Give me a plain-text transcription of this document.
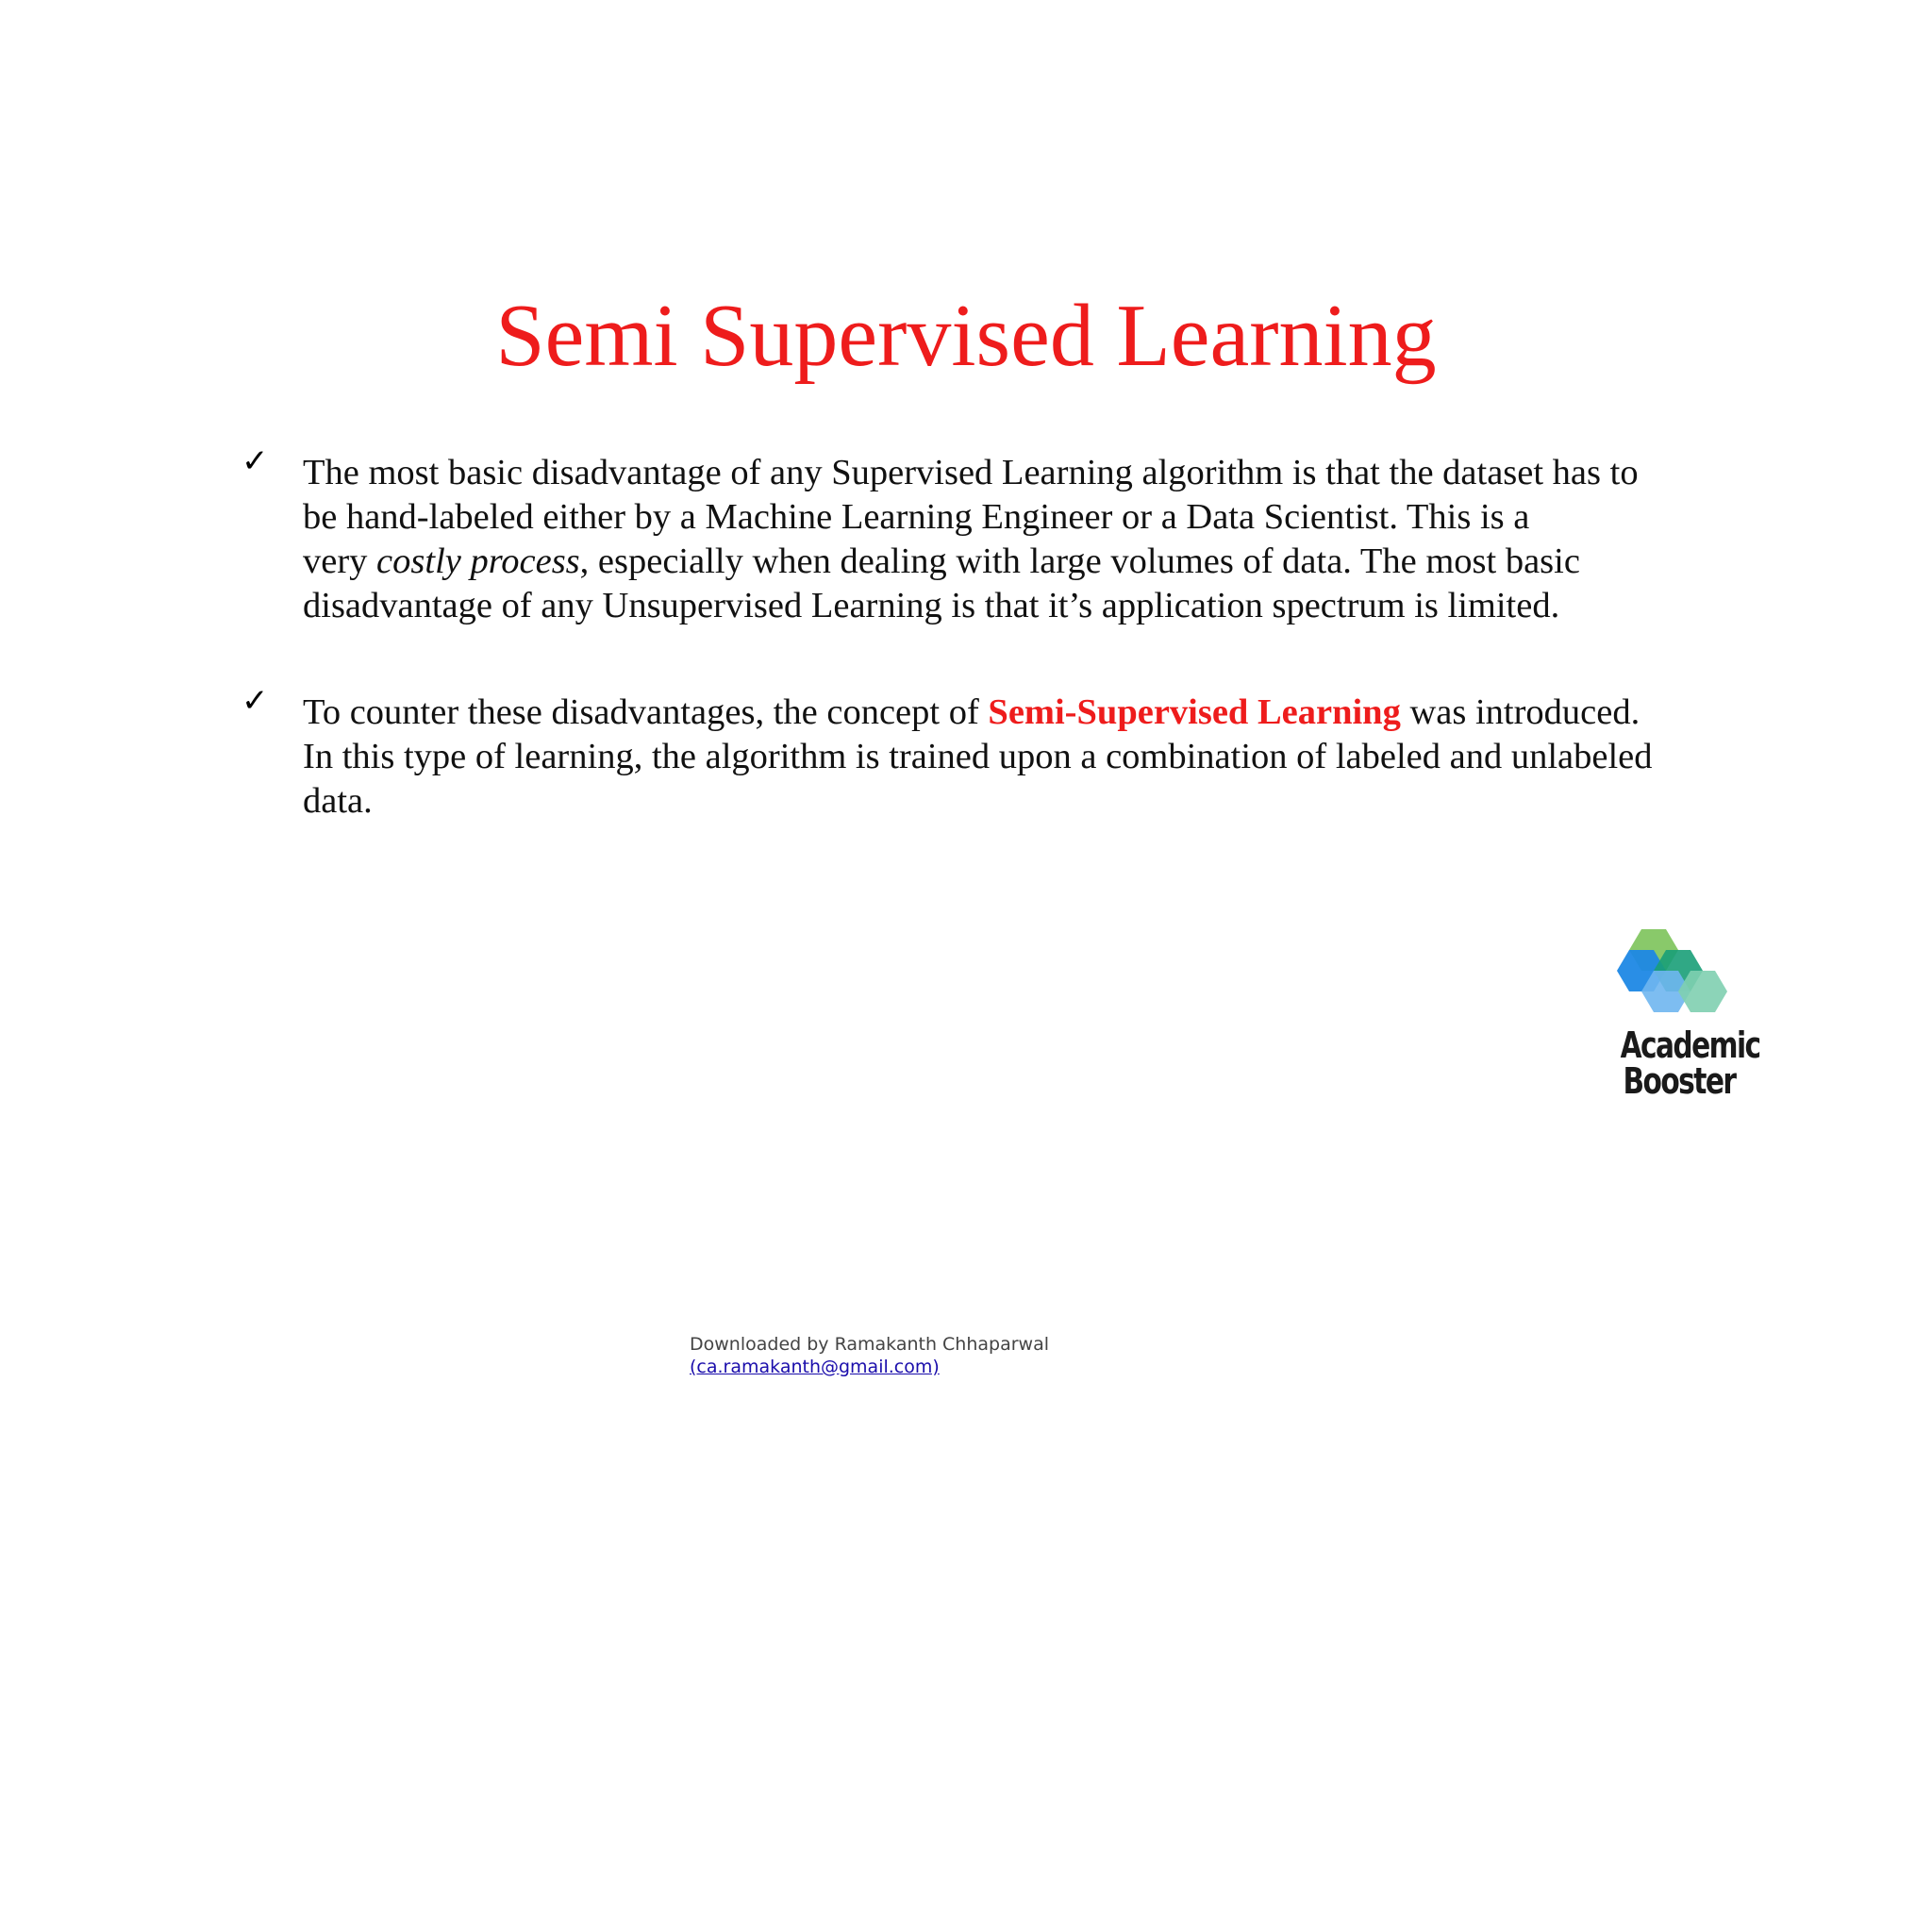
Semi Supervised Learning
✓ The most basic disadvantage of any Supervised Learning algorithm is that the dataset has to
be hand-labeled either by a Machine Learning Engineer or a Data Scientist. This is a
very costly process, especially when dealing with large volumes of data. The most basic
disadvantage of any Unsupervised Learning is that it’s application spectrum is limited.
✓ To counter these disadvantages, the concept of Semi-Supervised Learning was introduced.
In this type of learning, the algorithm is trained upon a combination of labeled and unlabeled
data.
Academic
Booster
Downloaded by Ramakanth Chhaparwal
(ca.ramakanth@gmail.com)
